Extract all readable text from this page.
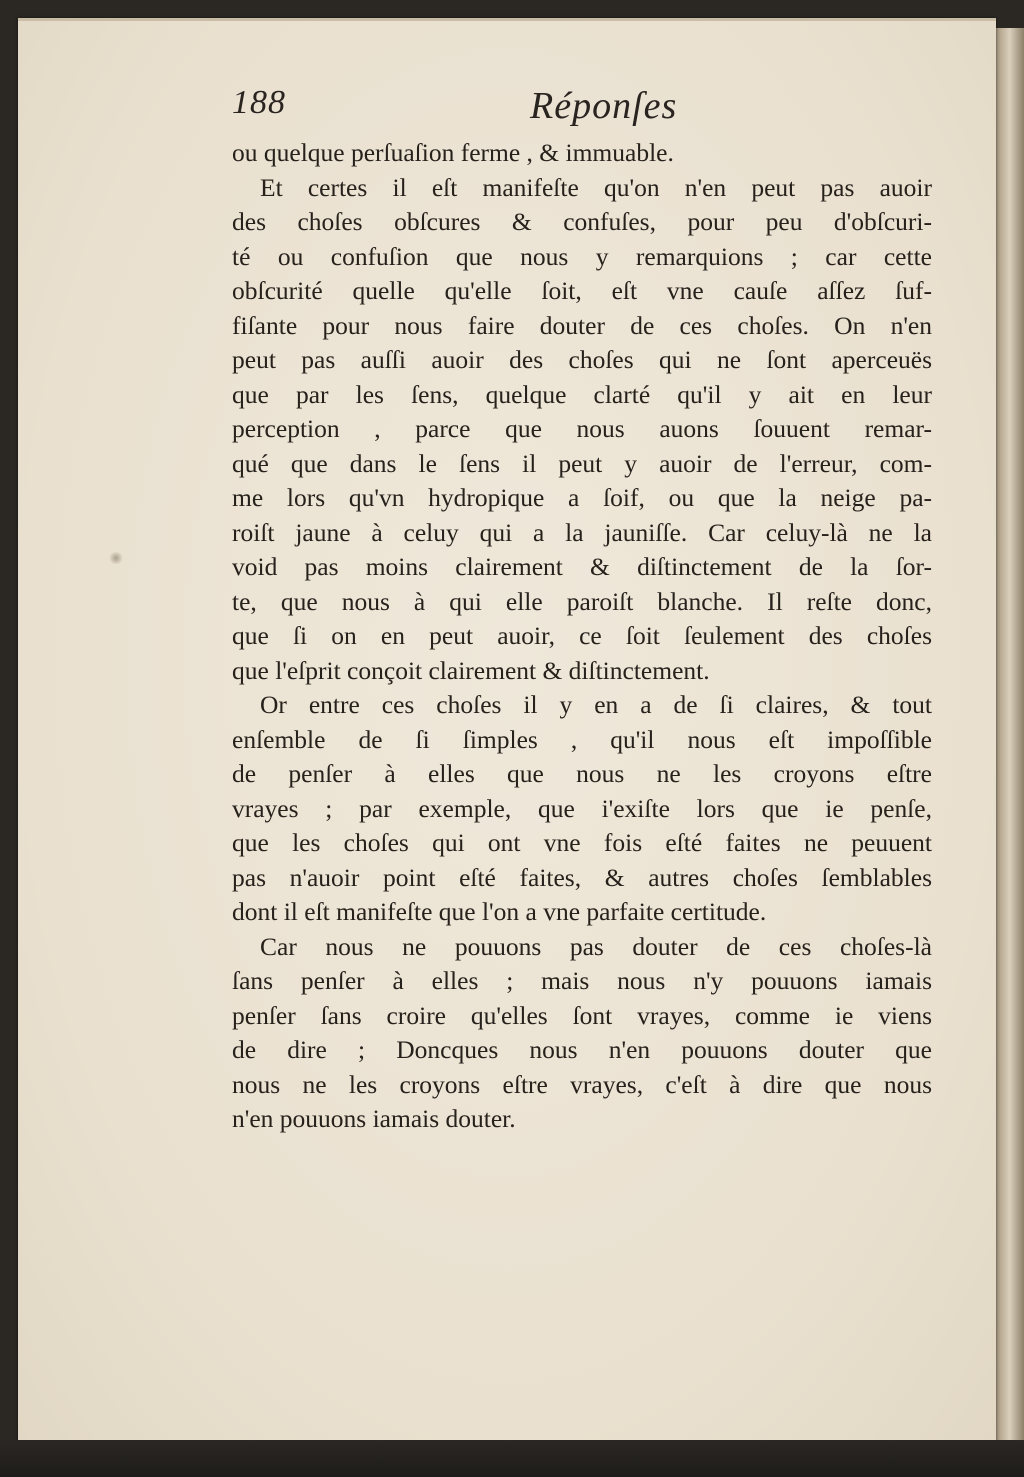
188	Réponſes
ou quelque perſuaſion ferme , & immuable.
Et certes il eſt manifeſte qu'on n'en peut pas auoir
des choſes obſcures & confuſes, pour peu d'obſcuri-
té ou confuſion que nous y remarquions ; car cette
obſcurité quelle qu'elle ſoit, eſt vne cauſe aſſez ſuf-
fiſante pour nous faire douter de ces choſes. On n'en
peut pas auſſi auoir des choſes qui ne ſont aperceuës
que par les ſens, quelque clarté qu'il y ait en leur
perception , parce que nous auons ſouuent remar-
qué que dans le ſens il peut y auoir de l'erreur, com-
me lors qu'vn hydropique a ſoif, ou que la neige pa-
roiſt jaune à celuy qui a la jauniſſe. Car celuy-là ne la
void pas moins clairement & diſtinctement de la ſor-
te, que nous à qui elle paroiſt blanche. Il reſte donc,
que ſi on en peut auoir, ce ſoit ſeulement des choſes
que l'eſprit conçoit clairement & diſtinctement.
Or entre ces choſes il y en a de ſi claires, & tout
enſemble de ſi ſimples , qu'il nous eſt impoſſible
de penſer à elles que nous ne les croyons eſtre
vrayes ; par exemple, que i'exiſte lors que ie penſe,
que les choſes qui ont vne fois eſté faites ne peuuent
pas n'auoir point eſté faites, & autres choſes ſemblables
dont il eſt manifeſte que l'on a vne parfaite certitude.
Car nous ne pouuons pas douter de ces choſes-là
ſans penſer à elles ; mais nous n'y pouuons iamais
penſer ſans croire qu'elles ſont vrayes, comme ie viens
de dire ; Doncques nous n'en pouuons douter que
nous ne les croyons eſtre vrayes, c'eſt à dire que nous
n'en pouuons iamais douter.
